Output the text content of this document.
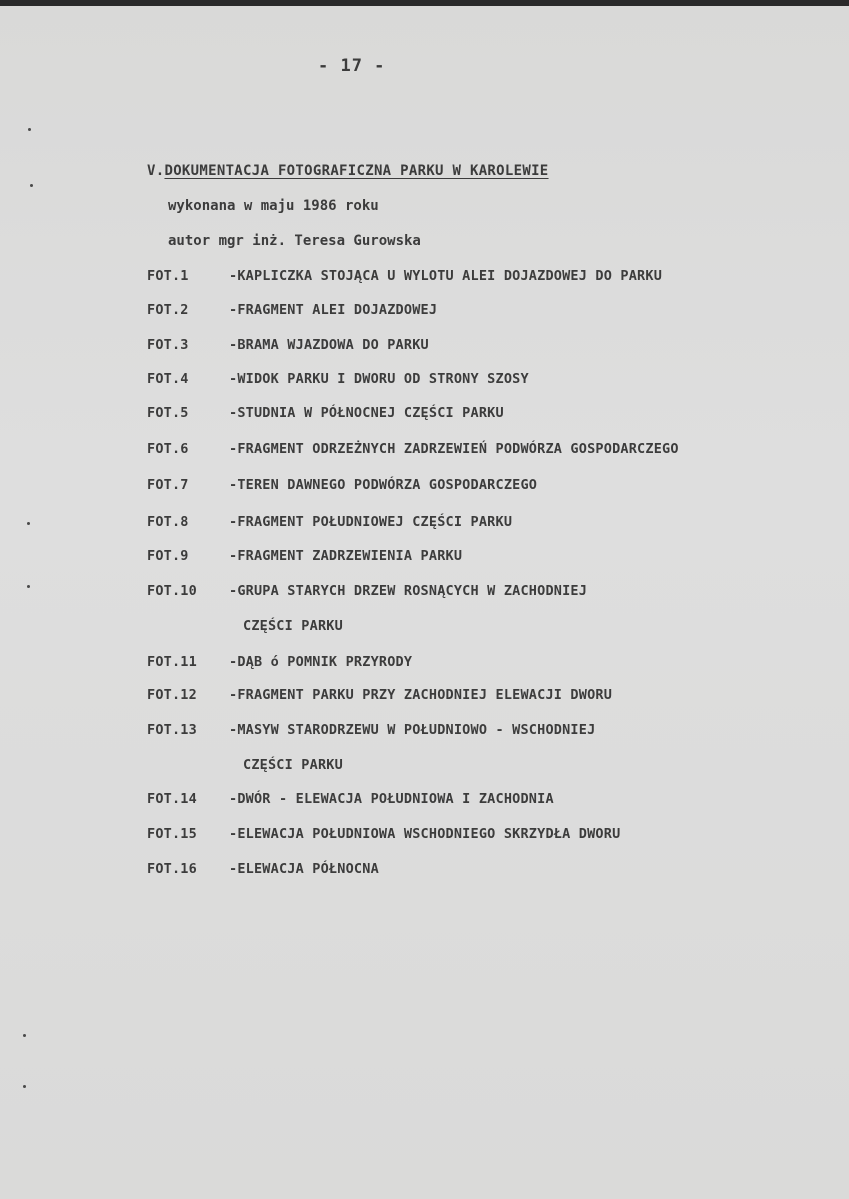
- 17 -
V.DOKUMENTACJA FOTOGRAFICZNA PARKU W KAROLEWIE
wykonana w maju 1986 roku
autor mgr inż. Teresa Gurowska
FOT.1	-KAPLICZKA STOJĄCA U WYLOTU ALEI DOJAZDOWEJ DO PARKU
FOT.2	-FRAGMENT ALEI DOJAZDOWEJ
FOT.3	-BRAMA WJAZDOWA DO PARKU
FOT.4	-WIDOK PARKU I DWORU OD STRONY SZOSY
FOT.5	-STUDNIA W PÓŁNOCNEJ CZĘŚCI PARKU
FOT.6	-FRAGMENT ODRZEŻNYCH ZADRZEWIEŃ PODWÓRZA GOSPODARCZEGO
FOT.7	-TEREN DAWNEGO PODWÓRZA GOSPODARCZEGO
FOT.8	-FRAGMENT POŁUDNIOWEJ CZĘŚCI PARKU
FOT.9	-FRAGMENT ZADRZEWIENIA PARKU
FOT.10 -GRUPA STARYCH DRZEW ROSNĄCYCH W ZACHODNIEJ
CZĘŚCI PARKU
FOT.11 -DĄB ó POMNIK PRZYRODY
FOT.12 -FRAGMENT PARKU PRZY ZACHODNIEJ ELEWACJI DWORU
FOT.13 -MASYW STARODRZEWU W POŁUDNIOWO - WSCHODNIEJ
CZĘŚCI PARKU
FOT.14 -DWÓR - ELEWACJA POŁUDNIOWA I ZACHODNIA
FOT.15 -ELEWACJA POŁUDNIOWA WSCHODNIEGO SKRZYDŁA DWORU
FOT.16 -ELEWACJA PÓŁNOCNA
